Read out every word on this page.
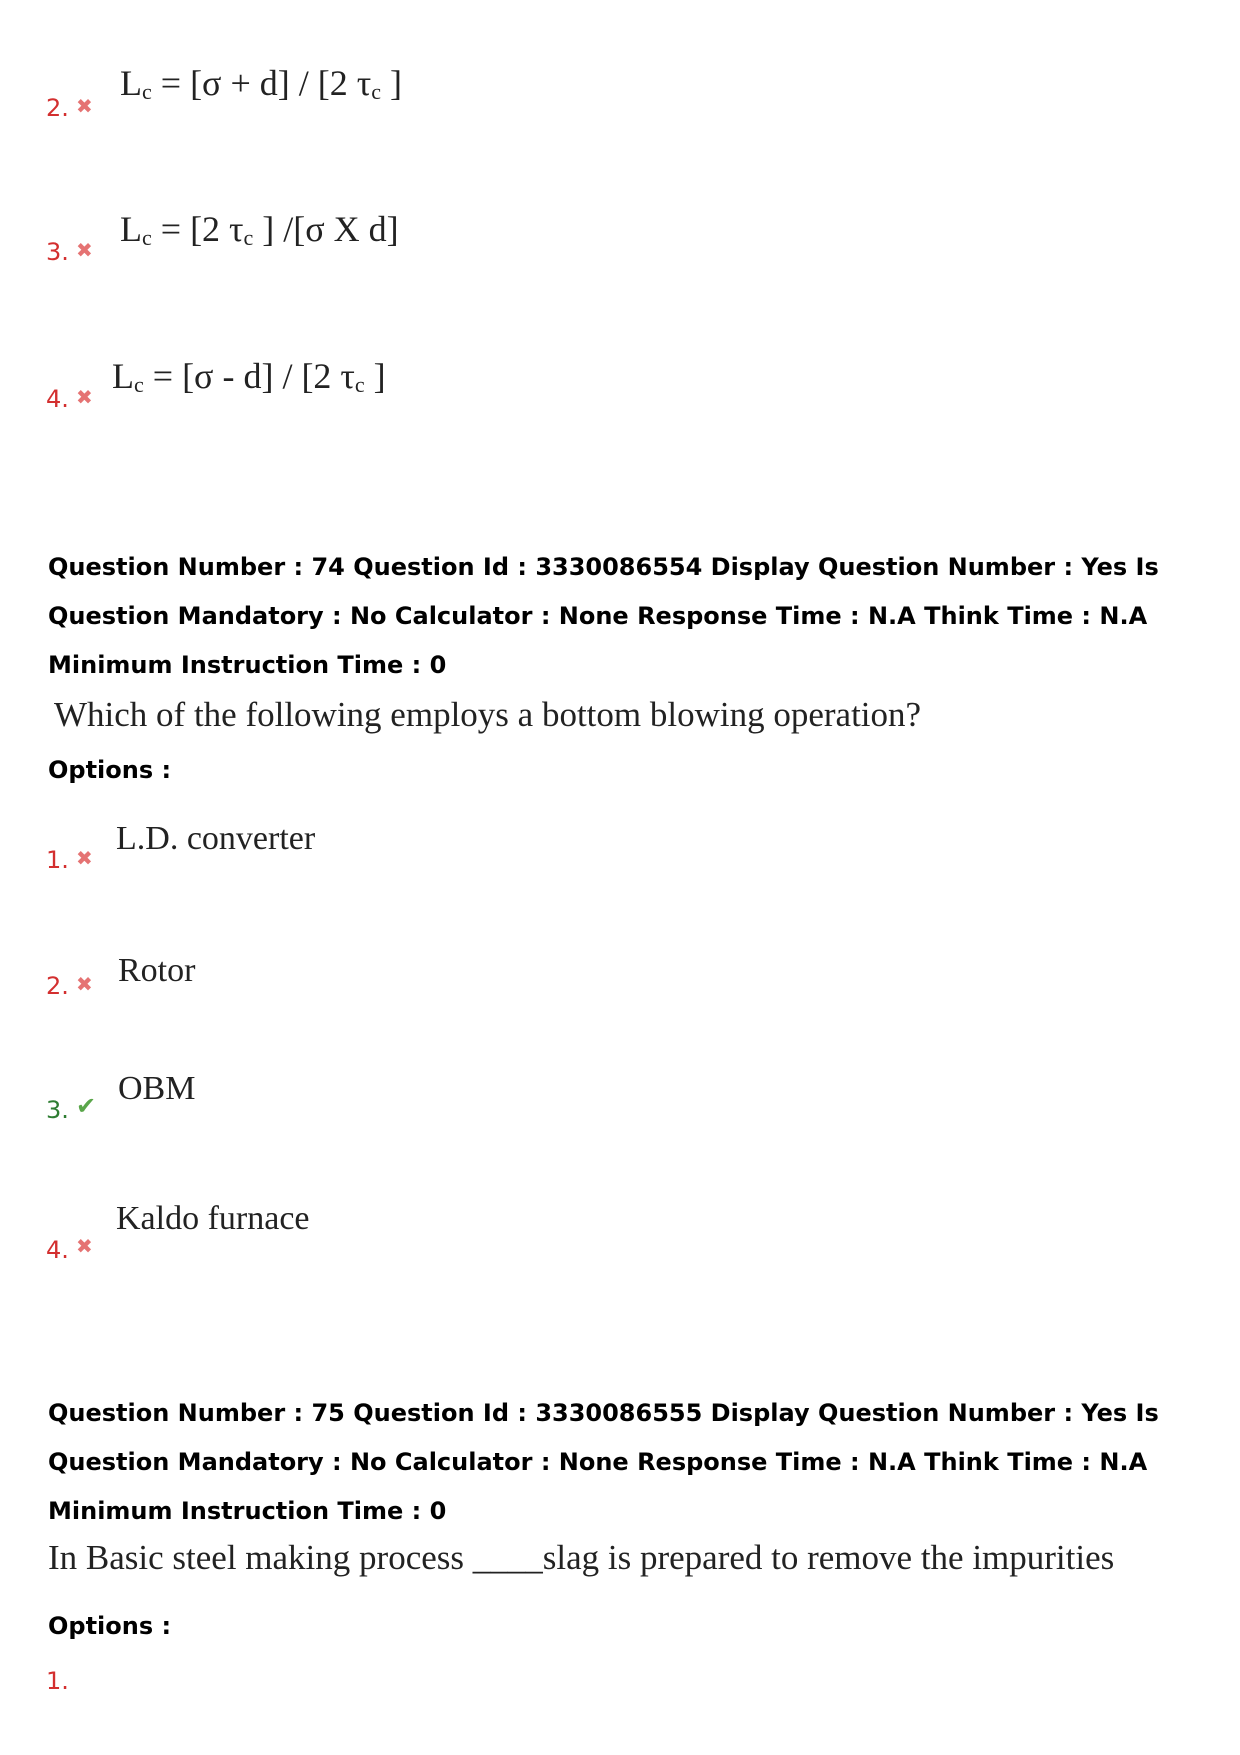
2. ✖
$L_c = [\sigma + d] / [2$ $\tau_c$ ]
3. ✖
$L_c = [2$ $\tau_c$ ] /[σ X d]
4. ✖
$L_c = [\sigma - d] / [2$ $\tau_c$ ]
Question Number : 74 Question Id : 3330086554 Display Question Number : Yes Is Question Mandatory : No Calculator : None Response Time : N.A Think Time : N.A Minimum Instruction Time : 0
Which of the following employs a bottom blowing operation?
Options :
1. ✖
L.D. converter
2. ✖ Rotor
3. ✔ OBM
4. ✖
Kaldo furnace
Question Number : 75 Question Id : 3330086555 Display Question Number : Yes Is Question Mandatory : No Calculator : None Response Time : N.A Think Time : N.A Minimum Instruction Time : 0
In Basic steel making process ____slag is prepared to remove the impurities
Options :
1.
